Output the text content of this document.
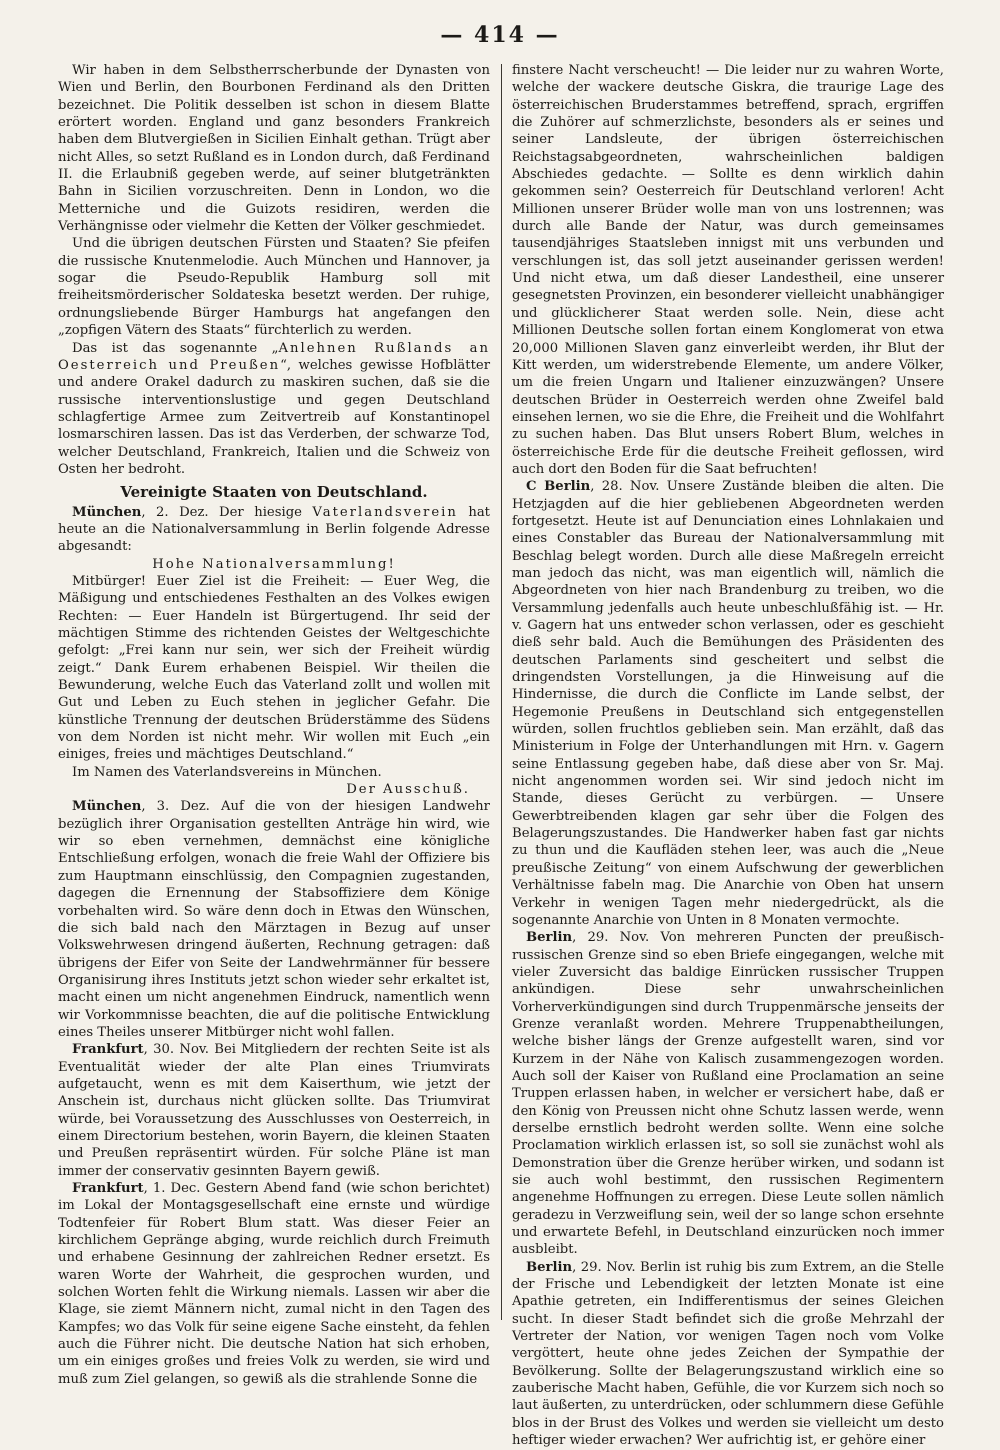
— 414 —

Wir haben in dem Selbstherrscherbunde der Dynasten von Wien und Berlin, den Bourbonen Ferdinand als den Dritten bezeichnet. Die Politik desselben ist schon in diesem Blatte erörtert worden. England und ganz besonders Frankreich haben dem Blutvergießen in Sicilien Einhalt gethan. Trügt aber nicht Alles, so setzt Rußland es in London durch, daß Ferdinand II. die Erlaubniß gegeben werde, auf seiner blutgetränkten Bahn in Sicilien vorzuschreiten. Denn in London, wo die Metterniche und die Guizots residiren, werden die Verhängnisse oder vielmehr die Ketten der Völker geschmiedet.

Und die übrigen deutschen Fürsten und Staaten? Sie pfeifen die russische Knutenmelodie. Auch München und Hannover, ja sogar die Pseudo-Republik Hamburg soll mit freiheitsmörderischer Soldateska besetzt werden. Der ruhige, ordnungsliebende Bürger Hamburgs hat angefangen den „zopfigen Vätern des Staats“ fürchterlich zu werden.

Das ist das sogenannte „Anlehnen Rußlands an Oesterreich und Preußen“, welches gewisse Hofblätter und andere Orakel dadurch zu maskiren suchen, daß sie die russische interventionslustige und gegen Deutschland schlagfertige Armee zum Zeitvertreib auf Konstantinopel losmarschiren lassen. Das ist das Verderben, der schwarze Tod, welcher Deutschland, Frankreich, Italien und die Schweiz von Osten her bedroht.

Vereinigte Staaten von Deutschland.

München, 2. Dez. Der hiesige Vaterlandsverein hat heute an die Nationalversammlung in Berlin folgende Adresse abgesandt:

Hohe Nationalversammlung!

Mitbürger! Euer Ziel ist die Freiheit: — Euer Weg, die Mäßigung und entschiedenes Festhalten an des Volkes ewigen Rechten: — Euer Handeln ist Bürgertugend. Ihr seid der mächtigen Stimme des richtenden Geistes der Weltgeschichte gefolgt: „Frei kann nur sein, wer sich der Freiheit würdig zeigt.“ Dank Eurem erhabenen Beispiel. Wir theilen die Bewunderung, welche Euch das Vaterland zollt und wollen mit Gut und Leben zu Euch stehen in jeglicher Gefahr. Die künstliche Trennung der deutschen Brüderstämme des Südens von dem Norden ist nicht mehr. Wir wollen mit Euch „ein einiges, freies und mächtiges Deutschland.“

Im Namen des Vaterlandsvereins in München.

Der Ausschuß.

München, 3. Dez. Auf die von der hiesigen Landwehr bezüglich ihrer Organisation gestellten Anträge hin wird, wie wir so eben vernehmen, demnächst eine königliche Entschließung erfolgen, wonach die freie Wahl der Offiziere bis zum Hauptmann einschlüssig, den Compagnien zugestanden, dagegen die Ernennung der Stabsoffiziere dem Könige vorbehalten wird. So wäre denn doch in Etwas den Wünschen, die sich bald nach den Märztagen in Bezug auf unser Volkswehrwesen dringend äußerten, Rechnung getragen: daß übrigens der Eifer von Seite der Landwehrmänner für bessere Organisirung ihres Instituts jetzt schon wieder sehr erkaltet ist, macht einen um nicht angenehmen Eindruck, namentlich wenn wir Vorkommnisse beachten, die auf die politische Entwicklung eines Theiles unserer Mitbürger nicht wohl fallen.

Frankfurt, 30. Nov. Bei Mitgliedern der rechten Seite ist als Eventualität wieder der alte Plan eines Triumvirats aufgetaucht, wenn es mit dem Kaiserthum, wie jetzt der Anschein ist, durchaus nicht glücken sollte. Das Triumvirat würde, bei Voraussetzung des Ausschlusses von Oesterreich, in einem Directorium bestehen, worin Bayern, die kleinen Staaten und Preußen repräsentirt würden. Für solche Pläne ist man immer der conservativ gesinnten Bayern gewiß.

Frankfurt, 1. Dec. Gestern Abend fand (wie schon berichtet) im Lokal der Montagsgesellschaft eine ernste und würdige Todtenfeier für Robert Blum statt. Was dieser Feier an kirchlichem Gepränge abging, wurde reichlich durch Freimuth und erhabene Gesinnung der zahlreichen Redner ersetzt. Es waren Worte der Wahrheit, die gesprochen wurden, und solchen Worten fehlt die Wirkung niemals. Lassen wir aber die Klage, sie ziemt Männern nicht, zumal nicht in den Tagen des Kampfes; wo das Volk für seine eigene Sache einsteht, da fehlen auch die Führer nicht. Die deutsche Nation hat sich erhoben, um ein einiges großes und freies Volk zu werden, sie wird und muß zum Ziel gelangen, so gewiß als die strahlende Sonne die

finstere Nacht verscheucht! — Die leider nur zu wahren Worte, welche der wackere deutsche Giskra, die traurige Lage des österreichischen Bruderstammes betreffend, sprach, ergriffen die Zuhörer auf schmerzlichste, besonders als er seines und seiner Landsleute, der übrigen österreichischen Reichstagsabgeordneten, wahrscheinlichen baldigen Abschiedes gedachte. — Sollte es denn wirklich dahin gekommen sein? Oesterreich für Deutschland verloren! Acht Millionen unserer Brüder wolle man von uns lostrennen; was durch alle Bande der Natur, was durch gemeinsames tausendjähriges Staatsleben innigst mit uns verbunden und verschlungen ist, das soll jetzt auseinander gerissen werden! Und nicht etwa, um daß dieser Landestheil, eine unserer gesegnetsten Provinzen, ein besonderer vielleicht unabhängiger und glücklicherer Staat werden solle. Nein, diese acht Millionen Deutsche sollen fortan einem Konglomerat von etwa 20,000 Millionen Slaven ganz einverleibt werden, ihr Blut der Kitt werden, um widerstrebende Elemente, um andere Völker, um die freien Ungarn und Italiener einzuzwängen? Unsere deutschen Brüder in Oesterreich werden ohne Zweifel bald einsehen lernen, wo sie die Ehre, die Freiheit und die Wohlfahrt zu suchen haben. Das Blut unsers Robert Blum, welches in österreichische Erde für die deutsche Freiheit geflossen, wird auch dort den Boden für die Saat befruchten!

C Berlin, 28. Nov. Unsere Zustände bleiben die alten. Die Hetzjagden auf die hier gebliebenen Abgeordneten werden fortgesetzt. Heute ist auf Denunciation eines Lohnlakaien und eines Constabler das Bureau der Nationalversammlung mit Beschlag belegt worden. Durch alle diese Maßregeln erreicht man jedoch das nicht, was man eigentlich will, nämlich die Abgeordneten von hier nach Brandenburg zu treiben, wo die Versammlung jedenfalls auch heute unbeschlußfähig ist. — Hr. v. Gagern hat uns entweder schon verlassen, oder es geschieht dieß sehr bald. Auch die Bemühungen des Präsidenten des deutschen Parlaments sind gescheitert und selbst die dringendsten Vorstellungen, ja die Hinweisung auf die Hindernisse, die durch die Conflicte im Lande selbst, der Hegemonie Preußens in Deutschland sich entgegenstellen würden, sollen fruchtlos geblieben sein. Man erzählt, daß das Ministerium in Folge der Unterhandlungen mit Hrn. v. Gagern seine Entlassung gegeben habe, daß diese aber von Sr. Maj. nicht angenommen worden sei. Wir sind jedoch nicht im Stande, dieses Gerücht zu verbürgen. — Unsere Gewerbtreibenden klagen gar sehr über die Folgen des Belagerungszustandes. Die Handwerker haben fast gar nichts zu thun und die Kaufläden stehen leer, was auch die „Neue preußische Zeitung“ von einem Aufschwung der gewerblichen Verhältnisse fabeln mag. Die Anarchie von Oben hat unsern Verkehr in wenigen Tagen mehr niedergedrückt, als die sogenannte Anarchie von Unten in 8 Monaten vermochte.

Berlin, 29. Nov. Von mehreren Puncten der preußisch-russischen Grenze sind so eben Briefe eingegangen, welche mit vieler Zuversicht das baldige Einrücken russischer Truppen ankündigen. Diese sehr unwahrscheinlichen Vorherverkündigungen sind durch Truppenmärsche jenseits der Grenze veranlaßt worden. Mehrere Truppenabtheilungen, welche bisher längs der Grenze aufgestellt waren, sind vor Kurzem in der Nähe von Kalisch zusammengezogen worden. Auch soll der Kaiser von Rußland eine Proclamation an seine Truppen erlassen haben, in welcher er versichert habe, daß er den König von Preussen nicht ohne Schutz lassen werde, wenn derselbe ernstlich bedroht werden sollte. Wenn eine solche Proclamation wirklich erlassen ist, so soll sie zunächst wohl als Demonstration über die Grenze herüber wirken, und sodann ist sie auch wohl bestimmt, den russischen Regimentern angenehme Hoffnungen zu erregen. Diese Leute sollen nämlich geradezu in Verzweiflung sein, weil der so lange schon ersehnte und erwartete Befehl, in Deutschland einzurücken noch immer ausbleibt.

Berlin, 29. Nov. Berlin ist ruhig bis zum Extrem, an die Stelle der Frische und Lebendigkeit der letzten Monate ist eine Apathie getreten, ein Indifferentismus der seines Gleichen sucht. In dieser Stadt befindet sich die große Mehrzahl der Vertreter der Nation, vor wenigen Tagen noch vom Volke vergöttert, heute ohne jedes Zeichen der Sympathie der Bevölkerung. Sollte der Belagerungszustand wirklich eine so zauberische Macht haben, Gefühle, die vor Kurzem sich noch so laut äußerten, zu unterdrücken, oder schlummern diese Gefühle blos in der Brust des Volkes und werden sie vielleicht um desto heftiger wieder erwachen? Wer aufrichtig ist, er gehöre einer
